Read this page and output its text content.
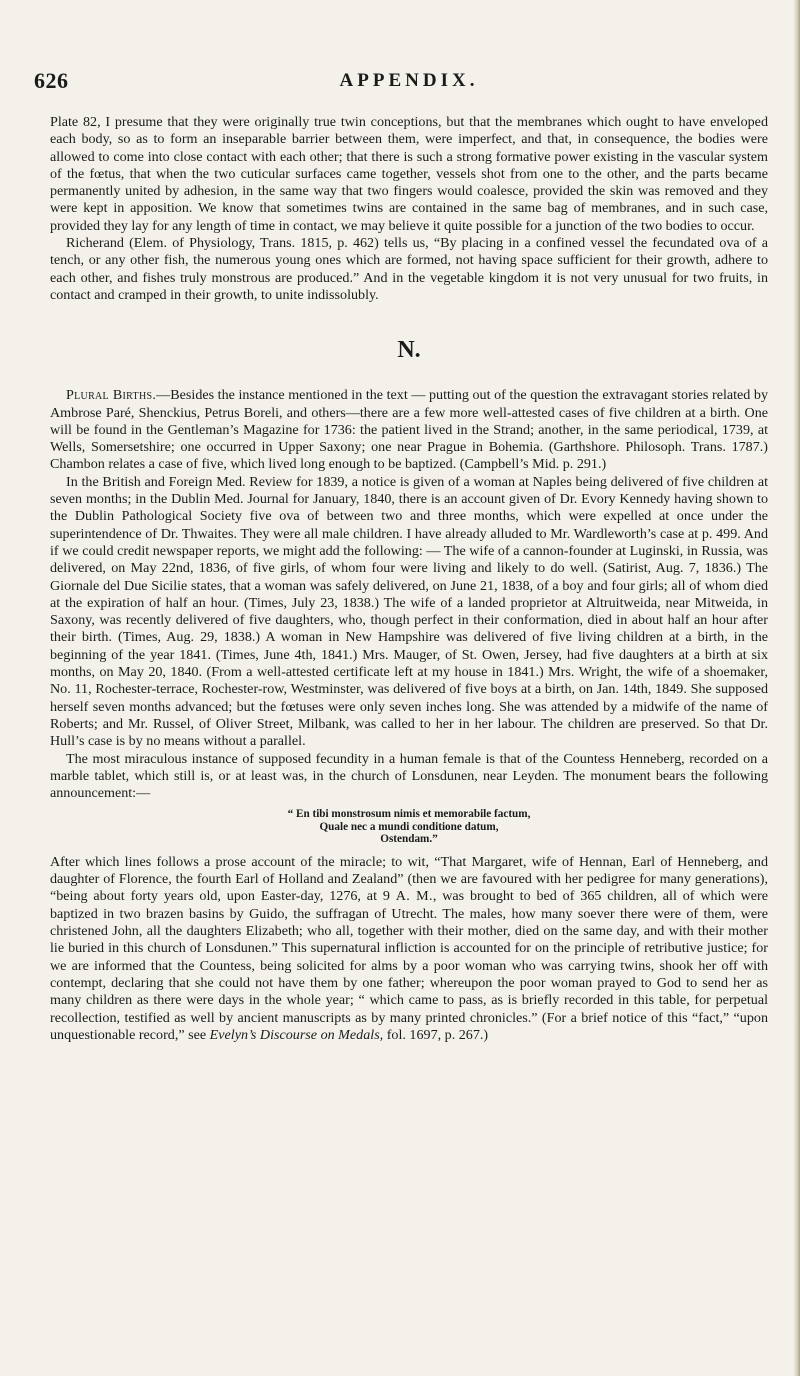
626	APPENDIX.

Plate 82, I presume that they were originally true twin conceptions, but that the membranes which ought to have enveloped each body, so as to form an inseparable barrier between them, were imperfect, and that, in consequence, the bodies were allowed to come into close contact with each other; that there is such a strong formative power existing in the vascular system of the fœtus, that when the two cuticular surfaces came together, vessels shot from one to the other, and the parts became permanently united by adhesion, in the same way that two fingers would coalesce, provided the skin was removed and they were kept in apposition. We know that sometimes twins are contained in the same bag of membranes, and in such case, provided they lay for any length of time in contact, we may believe it quite possible for a junction of the two bodies to occur.

Richerand (Elem. of Physiology, Trans. 1815, p. 462) tells us, “By placing in a confined vessel the fecundated ova of a tench, or any other fish, the numerous young ones which are formed, not having space sufficient for their growth, adhere to each other, and fishes truly monstrous are produced.” And in the vegetable kingdom it is not very unusual for two fruits, in contact and cramped in their growth, to unite indissolubly.

N.

Plural Births.—Besides the instance mentioned in the text — putting out of the question the extravagant stories related by Ambrose Paré, Shenckius, Petrus Boreli, and others—there are a few more well-attested cases of five children at a birth. One will be found in the Gentleman’s Magazine for 1736: the patient lived in the Strand; another, in the same periodical, 1739, at Wells, Somersetshire; one occurred in Upper Saxony; one near Prague in Bohemia. (Garthshore. Philosoph. Trans. 1787.) Chambon relates a case of five, which lived long enough to be baptized. (Campbell’s Mid. p. 291.)

In the British and Foreign Med. Review for 1839, a notice is given of a woman at Naples being delivered of five children at seven months; in the Dublin Med. Journal for January, 1840, there is an account given of Dr. Evory Kennedy having shown to the Dublin Pathological Society five ova of between two and three months, which were expelled at once under the superintendence of Dr. Thwaites. They were all male children. I have already alluded to Mr. Wardleworth’s case at p. 499. And if we could credit newspaper reports, we might add the following: — The wife of a cannon-founder at Luginski, in Russia, was delivered, on May 22nd, 1836, of five girls, of whom four were living and likely to do well. (Satirist, Aug. 7, 1836.) The Giornale del Due Sicilie states, that a woman was safely delivered, on June 21, 1838, of a boy and four girls; all of whom died at the expiration of half an hour. (Times, July 23, 1838.) The wife of a landed proprietor at Altruitweida, near Mitweida, in Saxony, was recently delivered of five daughters, who, though perfect in their conformation, died in about half an hour after their birth. (Times, Aug. 29, 1838.) A woman in New Hampshire was delivered of five living children at a birth, in the beginning of the year 1841. (Times, June 4th, 1841.) Mrs. Mauger, of St. Owen, Jersey, had five daughters at a birth at six months, on May 20, 1840. (From a well-attested certificate left at my house in 1841.) Mrs. Wright, the wife of a shoemaker, No. 11, Rochester-terrace, Rochester-row, Westminster, was delivered of five boys at a birth, on Jan. 14th, 1849. She supposed herself seven months advanced; but the fœtuses were only seven inches long. She was attended by a midwife of the name of Roberts; and Mr. Russel, of Oliver Street, Milbank, was called to her in her labour. The children are preserved. So that Dr. Hull’s case is by no means without a parallel.

The most miraculous instance of supposed fecundity in a human female is that of the Countess Henneberg, recorded on a marble tablet, which still is, or at least was, in the church of Lonsdunen, near Leyden. The monument bears the following announcement:—

“ En tibi monstrosum nimis et memorabile factum,
Quale nec a mundi conditione datum,
Ostendam.”

After which lines follows a prose account of the miracle; to wit, “That Margaret, wife of Hennan, Earl of Henneberg, and daughter of Florence, the fourth Earl of Holland and Zealand” (then we are favoured with her pedigree for many generations), “being about forty years old, upon Easter-day, 1276, at 9 A. M., was brought to bed of 365 children, all of which were baptized in two brazen basins by Guido, the suffragan of Utrecht. The males, how many soever there were of them, were christened John, all the daughters Elizabeth; who all, together with their mother, died on the same day, and with their mother lie buried in this church of Lonsdunen.” This supernatural infliction is accounted for on the principle of retributive justice; for we are informed that the Countess, being solicited for alms by a poor woman who was carrying twins, shook her off with contempt, declaring that she could not have them by one father; whereupon the poor woman prayed to God to send her as many children as there were days in the whole year; “ which came to pass, as is briefly recorded in this table, for perpetual recollection, testified as well by ancient manuscripts as by many printed chronicles.” (For a brief notice of this “fact,” “upon unquestionable record,” see Evelyn’s Discourse on Medals, fol. 1697, p. 267.)
